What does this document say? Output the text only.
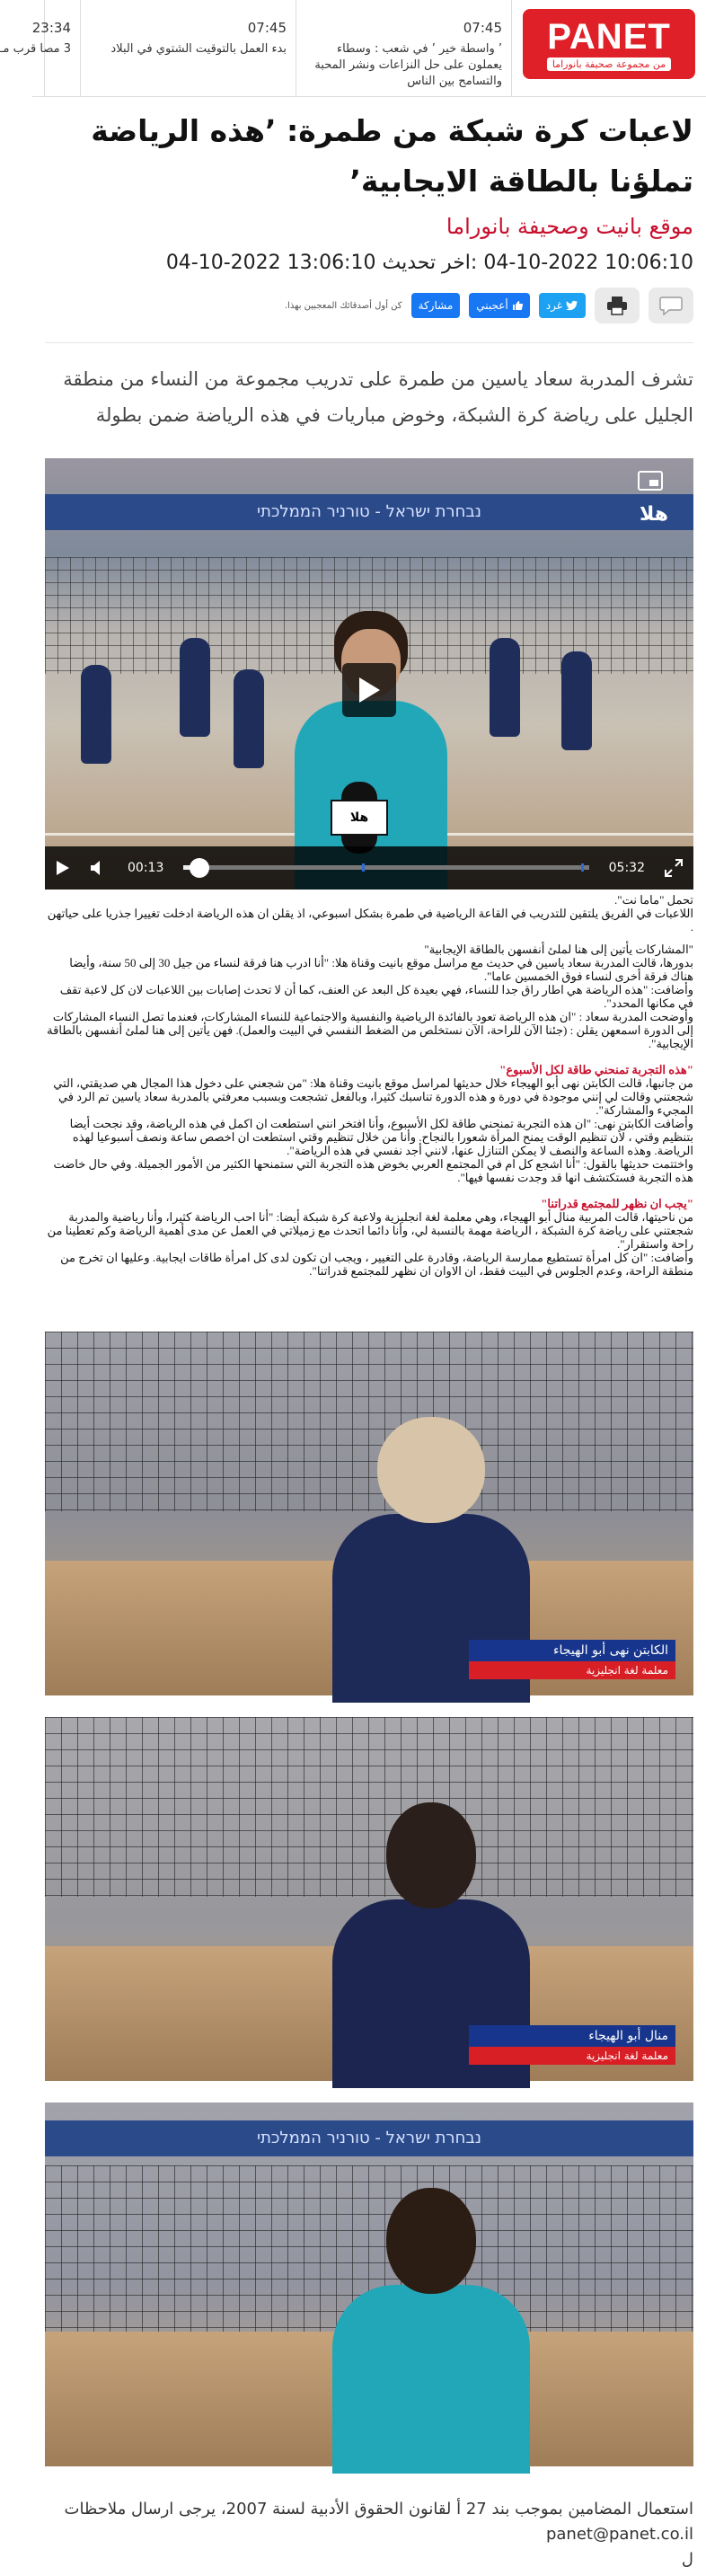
PANET
من مجموعة صحيفة بانوراما
07:45
’ واسطة خير ’ في شعب : وسطاء يعملون على حل النزاعات ونشر المحبة والتسامح بين الناس
07:45
بدء العمل بالتوقيت الشتوي في البلاد
23:34
3 مصا قرب مـ
لاعبات كرة شبكة من طمرة: ’هذه الرياضة تملؤنا بالطاقة الايجابية’
موقع بانيت وصحيفة بانوراما
04-10-2022 10:06:10 اخر تحديث: 04-10-2022 13:06:10
غرد
أعجبني
مشاركة
كن أول أصدقائك المعجبين بهذا.

تشرف المدربة سعاد ياسين من طمرة على تدريب مجموعة من النساء من منطقة الجليل على رياضة كرة الشبكة، وخوض مباريات في هذه الرياضة ضمن بطولة

נבחרת ישראל - טורניר הממלכתי
هلا
هلا
00:13	05:32

تحمل "ماما نت".

اللاعبات في الفريق يلتقين للتدريب في القاعة الرياضية في طمرة بشكل اسبوعي، اذ يقلن ان هذه الرياضة ادخلت تغييرا جذريا على حياتهن .

"المشاركات يأتين إلى هنا لملئ أنفسهن بالطاقة الإيجابية"

بدورها، قالت المدربة سعاد ياسين في حديث مع مراسل موقع بانيت وقناة هلا: "أنا ادرب هنا فرقة لنساء من جيل 30 إلى 50 سنة، وأيضا هناك فرقة أخرى لنساء فوق الخمسين عاما".

وأضافت: "هذه الرياضة هي اطار راق جدا للنساء، فهي بعيدة كل البعد عن العنف، كما أن لا تحدث إصابات بين اللاعبات لان كل لاعبة تقف في مكانها المحدد".

وأوضحت المدربة سعاد : "ان هذه الرياضة تعود بالفائدة الرياضية والنفسية والاجتماعية للنساء المشاركات، فعندما تصل النساء المشاركات إلى الدورة اسمعهن يقلن : (جئنا الآن للراحة، الآن نستخلص من الضغط النفسي في البيت والعمل). فهن يأتين إلى هنا لملئ أنفسهن بالطاقة الإيجابية".

"هذه التجربة تمنحني طاقة لكل الأسبوع"

من جانبها، قالت الكابتن نهى أبو الهيجاء خلال حديثها لمراسل موقع بانيت وقناة هلا: "من شجعني على دخول هذا المجال هي صديقتي، التي شجعتني وقالت لي إنني موجودة في دورة و هذه الدورة تناسبك كثيرا، وبالفعل تشجعت وبسبب معرفتي بالمدربة سعاد ياسين تم الرد في المجيء والمشاركة".

وأضافت الكابتن نهى: "ان هذه التجربة تمنحني طاقة لكل الأسبوع، وأنا افتخر انني استطعت ان اكمل في هذه الرياضة، وقد نجحت أيضا بتنظيم وقتي ، لأن تنظيم الوقت يمنح المرأة شعورا بالنجاح. وأنا من خلال تنظيم وقتي استطعت ان اخصص ساعة ونصف أسبوعيا لهذه الرياضة. وهذه الساعة والنصف لا يمكن التنازل عنها، لانني أجد نفسي في هذه الرياضة".

واختتمت حديثها بالقول: "أنا اشجع كل ام في المجتمع العربي بخوض هذه التجربة التي ستمنحها الكثير من الأمور الجميلة. وفي حال خاضت هذه التجربة فستكتشف انها قد وجدت نفسها فيها".

"يجب ان نظهر للمجتمع قدراتنا"

من ناحيتها، قالت المربية منال أبو الهيجاء، وهي معلمة لغة انجليزية ولاعبة كرة شبكة أيضا: "أنا احب الرياضة كثيرا، وأنا رياضية والمدربة شجعتني على رياضة كرة الشبكة ، الرياضة مهمة بالنسبة لي، وأنا دائما اتحدث مع زميلاتي في العمل عن مدى أهمية الرياضة وكم تعطينا من راحة واستقرار".

وأضافت: "ان كل امرأة تستطيع ممارسة الرياضة، وقادرة على التغيير ، ويجب ان تكون لدى كل امرأة طاقات ايجابية. وعليها ان تخرج من منطقة الراحة، وعدم الجلوس في البيت فقط، ان الاوان ان نظهر للمجتمع قدراتنا".

الكابتن نهى أبو الهيجاء
معلمة لغة انجليزية
منال أبو الهيجاء
معلمة لغة انجليزية
נבחרת ישראל - טורניר הממלכתי
استعمال المضامين بموجب بند 27 أ لقانون الحقوق الأدبية لسنة 2007، يرجى ارسال ملاحظات panet@panet.co.il
ل
